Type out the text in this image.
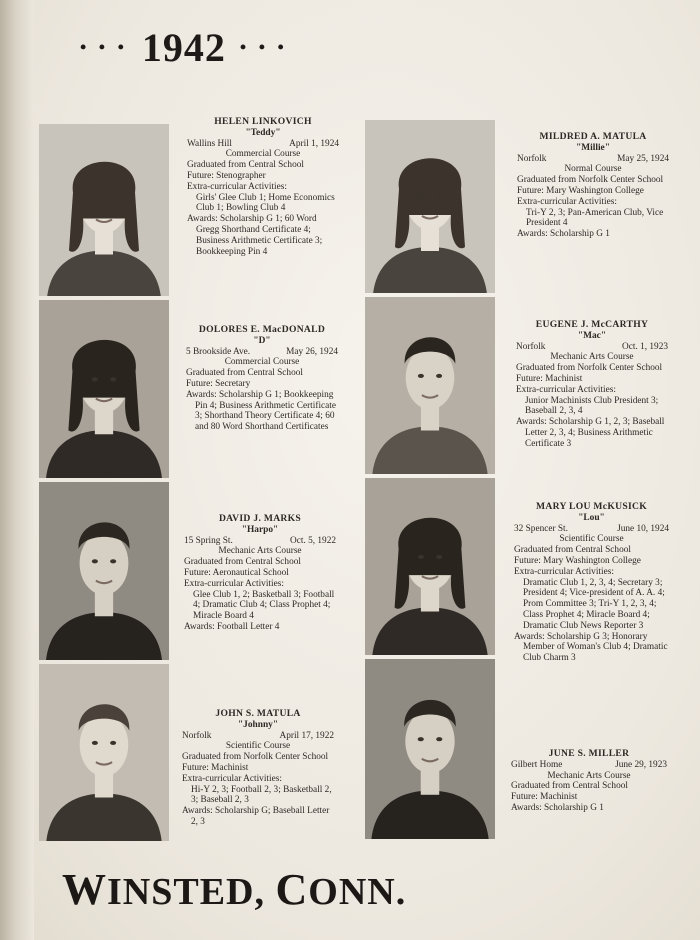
• • • 1942 • • •
HELEN LINKOVICH
"Teddy"
Wallins Hill	April 1, 1924
Commercial Course
Graduated from Central School
Future: Stenographer
Extra-curricular Activities:
Girls' Glee Club 1; Home Economics Club 1; Bowling Club 4
Awards: Scholarship G 1; 60 Word Gregg Shorthand Certificate 4; Business Arithmetic Certificate 3; Bookkeeping Pin 4
MILDRED A. MATULA
"Millie"
Norfolk	May 25, 1924
Normal Course
Graduated from Norfolk Center School
Future: Mary Washington College
Extra-curricular Activities:
Tri-Y 2, 3; Pan-American Club, Vice President 4
Awards: Scholarship G 1
DOLORES E. MacDONALD
"D"
5 Brookside Ave.	May 26, 1924
Commercial Course
Graduated from Central School
Future: Secretary
Awards: Scholarship G 1; Bookkeeping Pin 4; Business Arithmetic Certificate 3; Shorthand Theory Certificate 4; 60 and 80 Word Shorthand Certificates
EUGENE J. McCARTHY
"Mac"
Norfolk	Oct. 1, 1923
Mechanic Arts Course
Graduated from Norfolk Center School
Future: Machinist
Extra-curricular Activities:
Junior Machinists Club President 3; Baseball 2, 3, 4
Awards: Scholarship G 1, 2, 3; Baseball Letter 2, 3, 4; Business Arithmetic Certificate 3
DAVID J. MARKS
"Harpo"
15 Spring St.	Oct. 5, 1922
Mechanic Arts Course
Graduated from Central School
Future: Aeronautical School
Extra-curricular Activities:
Glee Club 1, 2; Basketball 3; Football 4; Dramatic Club 4; Class Prophet 4; Miracle Board 4
Awards: Football Letter 4
MARY LOU McKUSICK
"Lou"
32 Spencer St.	June 10, 1924
Scientific Course
Graduated from Central School
Future: Mary Washington College
Extra-curricular Activities:
Dramatic Club 1, 2, 3, 4; Secretary 3; President 4; Vice-president of A. A. 4; Prom Committee 3; Tri-Y 1, 2, 3, 4; Class Prophet 4; Miracle Board 4; Dramatic Club News Reporter 3
Awards: Scholarship G 3; Honorary Member of Woman's Club 4; Dramatic Club Charm 3
JOHN S. MATULA
"Johnny"
Norfolk	April 17, 1922
Scientific Course
Graduated from Norfolk Center School
Future: Machinist
Extra-curricular Activities:
Hi-Y 2, 3; Football 2, 3; Basketball 2, 3; Baseball 2, 3
Awards: Scholarship G; Baseball Letter 2, 3
JUNE S. MILLER
Gilbert Home	June 29, 1923
Mechanic Arts Course
Graduated from Central School
Future: Machinist
Awards: Scholarship G 1
WINSTED, CONN.
